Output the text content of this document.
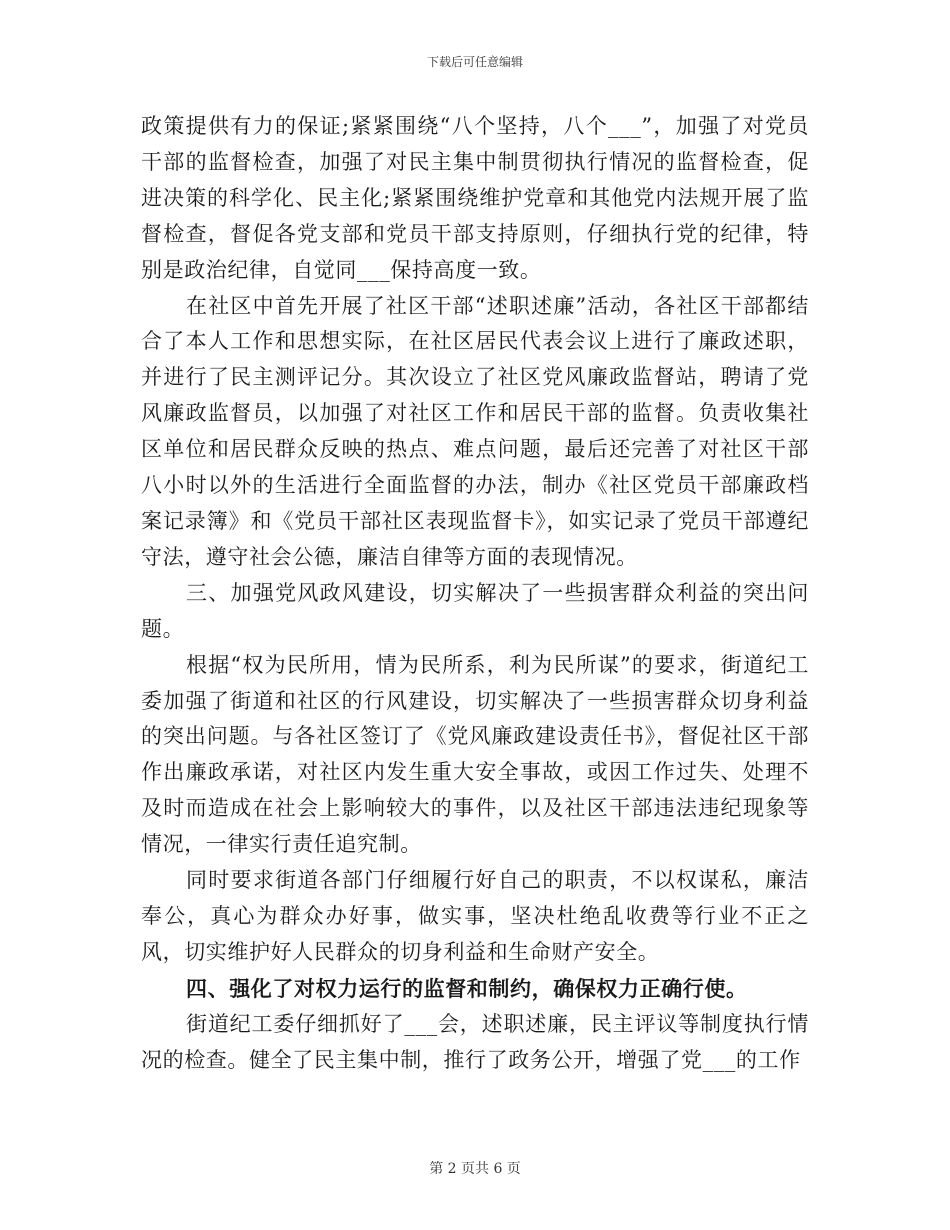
下载后可任意编辑

政策提供有力的保证;紧紧围绕“八个坚持，八个___”，加强了对党员干部的监督检查，加强了对民主集中制贯彻执行情况的监督检查，促进决策的科学化、民主化;紧紧围绕维护党章和其他党内法规开展了监督检查，督促各党支部和党员干部支持原则，仔细执行党的纪律，特别是政治纪律，自觉同___保持高度一致。

在社区中首先开展了社区干部“述职述廉”活动，各社区干部都结合了本人工作和思想实际，在社区居民代表会议上进行了廉政述职，并进行了民主测评记分。其次设立了社区党风廉政监督站，聘请了党风廉政监督员，以加强了对社区工作和居民干部的监督。负责收集社区单位和居民群众反映的热点、难点问题，最后还完善了对社区干部八小时以外的生活进行全面监督的办法，制办《社区党员干部廉政档案记录簿》和《党员干部社区表现监督卡》，如实记录了党员干部遵纪守法，遵守社会公德，廉洁自律等方面的表现情况。

三、加强党风政风建设，切实解决了一些损害群众利益的突出问题。

根据“权为民所用，情为民所系，利为民所谋”的要求，街道纪工委加强了街道和社区的行风建设，切实解决了一些损害群众切身利益的突出问题。与各社区签订了《党风廉政建设责任书》，督促社区干部作出廉政承诺，对社区内发生重大安全事故，或因工作过失、处理不及时而造成在社会上影响较大的事件，以及社区干部违法违纪现象等情况，一律实行责任追究制。

同时要求街道各部门仔细履行好自己的职责，不以权谋私，廉洁奉公，真心为群众办好事，做实事，坚决杜绝乱收费等行业不正之风，切实维护好人民群众的切身利益和生命财产安全。

四、强化了对权力运行的监督和制约，确保权力正确行使。

街道纪工委仔细抓好了___会，述职述廉，民主评议等制度执行情况的检查。健全了民主集中制，推行了政务公开，增强了党___的工作

第 2 页共 6 页
